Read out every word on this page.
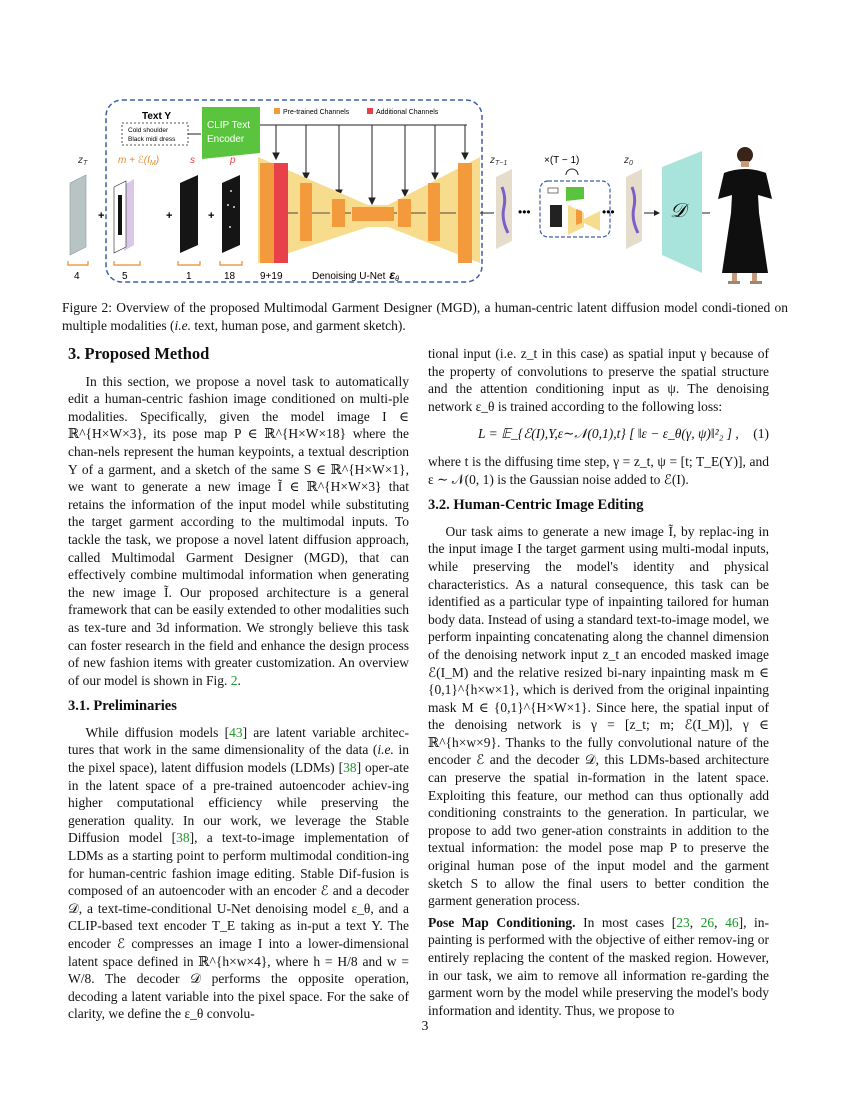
Text Y
Cold shoulder
Black midi dress
CLIP Text
Encoder
Pre-trained Channels	Additional Channels
$z_T$	$m + ℰ(I_M)$	s	p
+	+	+
4	5	1	18 9+19	Denoising U-Net $\varepsilon_\theta$
$z_{T-1}$
•••
×(T − 1)
•••
$z_0$
𝒟
Figure 2: Overview of the proposed Multimodal Garment Designer (MGD), a human-centric latent diffusion model condi-tioned on multiple modalities (i.e. text, human pose, and garment sketch).
3. Proposed Method

In this section, we propose a novel task to automatically edit a human-centric fashion image conditioned on multi-ple modalities. Specifically, given the model image I ∈ ℝ^{H×W×3}, its pose map P ∈ ℝ^{H×W×18} where the chan-nels represent the human keypoints, a textual description Y of a garment, and a sketch of the same S ∈ ℝ^{H×W×1}, we want to generate a new image Ĩ ∈ ℝ^{H×W×3} that retains the information of the input model while substituting the target garment according to the multimodal inputs. To tackle the task, we propose a novel latent diffusion approach, called Multimodal Garment Designer (MGD), that can effectively combine multimodal information when generating the new image Ĩ. Our proposed architecture is a general framework that can be easily extended to other modalities such as tex-ture and 3d information. We strongly believe this task can foster research in the field and enhance the design process of new fashion items with greater customization. An overview of our model is shown in Fig. 2.

3.1. Preliminaries

While diffusion models [43] are latent variable architec-tures that work in the same dimensionality of the data (i.e. in the pixel space), latent diffusion models (LDMs) [38] oper-ate in the latent space of a pre-trained autoencoder achiev-ing higher computational efficiency while preserving the generation quality. In our work, we leverage the Stable Diffusion model [38], a text-to-image implementation of LDMs as a starting point to perform multimodal condition-ing for human-centric fashion image editing. Stable Dif-fusion is composed of an autoencoder with an encoder ℰ and a decoder 𝒟, a text-time-conditional U-Net denoising model ε_θ, and a CLIP-based text encoder T_E taking as in-put a text Y. The encoder ℰ compresses an image I into a lower-dimensional latent space defined in ℝ^{h×w×4}, where h = H/8 and w = W/8. The decoder 𝒟 performs the opposite operation, decoding a latent variable into the pixel space. For the sake of clarity, we define the ε_θ convolu-

tional input (i.e. z_t in this case) as spatial input γ because of the property of convolutions to preserve the spatial structure and the attention conditioning input as ψ. The denoising network ε_θ is trained according to the following loss:

L = 𝔼_{ℰ(I),Y,ε∼𝒩(0,1),t} [ ‖ε − ε_θ(γ, ψ)‖²₂ ] , (1)

where t is the diffusing time step, γ = z_t, ψ = [t; T_E(Y)], and ε ∼ 𝒩(0, 1) is the Gaussian noise added to ℰ(I).

3.2. Human-Centric Image Editing

Our task aims to generate a new image Ĩ, by replac-ing in the input image I the target garment using multi-modal inputs, while preserving the model's identity and physical characteristics. As a natural consequence, this task can be identified as a particular type of inpainting tailored for human body data. Instead of using a standard text-to-image model, we perform inpainting concatenating along the channel dimension of the denoising network input z_t an encoded masked image ℰ(I_M) and the relative resized bi-nary inpainting mask m ∈ {0,1}^{h×w×1}, which is derived from the original inpainting mask M ∈ {0,1}^{H×W×1}. Since here, the spatial input of the denoising network is γ = [z_t; m; ℰ(I_M)], γ ∈ ℝ^{h×w×9}. Thanks to the fully convolutional nature of the encoder ℰ and the decoder 𝒟, this LDMs-based architecture can preserve the spatial in-formation in the latent space. Exploiting this feature, our method can thus optionally add conditioning constraints to the generation. In particular, we propose to add two gener-ation constraints in addition to the textual information: the model pose map P to preserve the original human pose of the input model and the garment sketch S to allow the final users to better condition the garment generation process.

Pose Map Conditioning. In most cases [23, 26, 46], in-painting is performed with the objective of either remov-ing or entirely replacing the content of the masked region. However, in our task, we aim to remove all information re-garding the garment worn by the model while preserving the model's body information and identity. Thus, we propose to

3
